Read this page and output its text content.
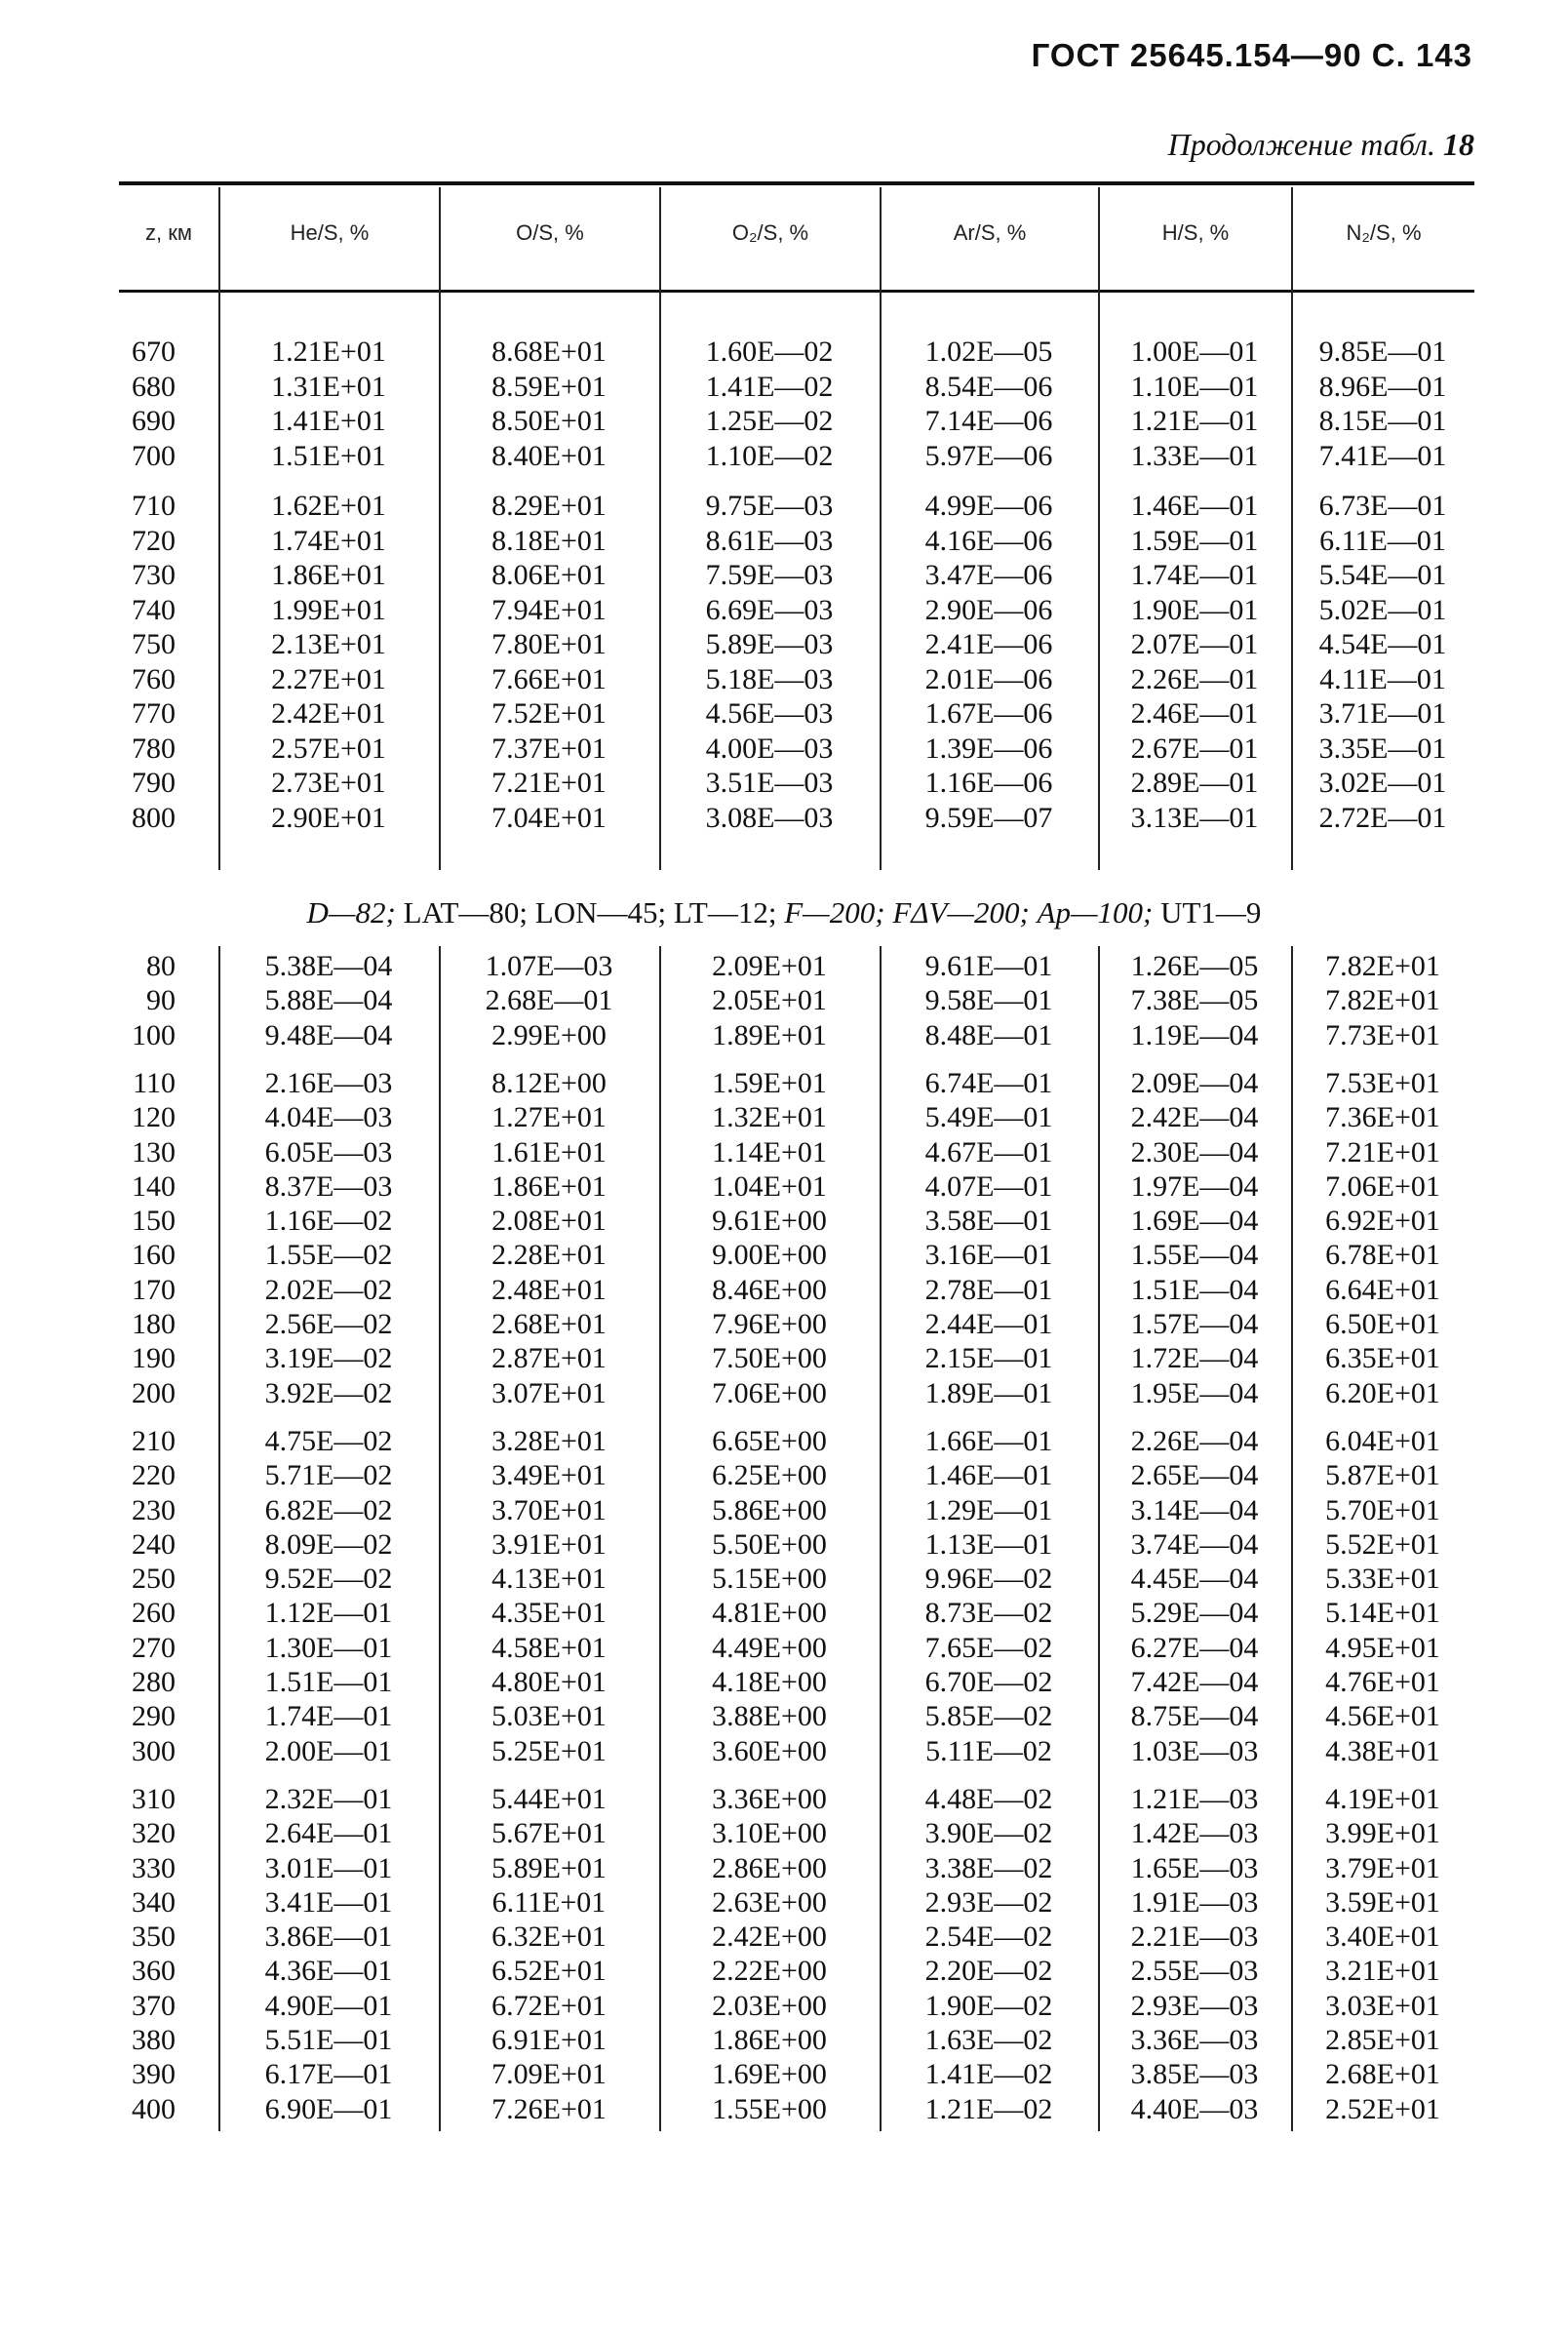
ГОСТ 25645.154—90 С. 143
Продолжение табл. 18
z, км	He/S, %	O/S, %	O₂/S, %	Ar/S, %	H/S, %	N₂/S, %
670	1.21E+01	8.68E+01	1.60E—02	1.02E—05	1.00E—01	9.85E—01
680	1.31E+01	8.59E+01	1.41E—02	8.54E—06	1.10E—01	8.96E—01
690	1.41E+01	8.50E+01	1.25E—02	7.14E—06	1.21E—01	8.15E—01
700	1.51E+01	8.40E+01	1.10E—02	5.97E—06	1.33E—01	7.41E—01
710	1.62E+01	8.29E+01	9.75E—03	4.99E—06	1.46E—01	6.73E—01
720	1.74E+01	8.18E+01	8.61E—03	4.16E—06	1.59E—01	6.11E—01
730	1.86E+01	8.06E+01	7.59E—03	3.47E—06	1.74E—01	5.54E—01
740	1.99E+01	7.94E+01	6.69E—03	2.90E—06	1.90E—01	5.02E—01
750	2.13E+01	7.80E+01	5.89E—03	2.41E—06	2.07E—01	4.54E—01
760	2.27E+01	7.66E+01	5.18E—03	2.01E—06	2.26E—01	4.11E—01
770	2.42E+01	7.52E+01	4.56E—03	1.67E—06	2.46E—01	3.71E—01
780	2.57E+01	7.37E+01	4.00E—03	1.39E—06	2.67E—01	3.35E—01
790	2.73E+01	7.21E+01	3.51E—03	1.16E—06	2.89E—01	3.02E—01
800	2.90E+01	7.04E+01	3.08E—03	9.59E—07	3.13E—01	2.72E—01
D—82; LAT—80; LON—45; LT—12; F—200; FΔV—200; Aр—100; UT1—9
80	5.38E—04	1.07E—03	2.09E+01	9.61E—01	1.26E—05	7.82E+01
90	5.88E—04	2.68E—01	2.05E+01	9.58E—01	7.38E—05	7.82E+01
100	9.48E—04	2.99E+00	1.89E+01	8.48E—01	1.19E—04	7.73E+01
110	2.16E—03	8.12E+00	1.59E+01	6.74E—01	2.09E—04	7.53E+01
120	4.04E—03	1.27E+01	1.32E+01	5.49E—01	2.42E—04	7.36E+01
130	6.05E—03	1.61E+01	1.14E+01	4.67E—01	2.30E—04	7.21E+01
140	8.37E—03	1.86E+01	1.04E+01	4.07E—01	1.97E—04	7.06E+01
150	1.16E—02	2.08E+01	9.61E+00	3.58E—01	1.69E—04	6.92E+01
160	1.55E—02	2.28E+01	9.00E+00	3.16E—01	1.55E—04	6.78E+01
170	2.02E—02	2.48E+01	8.46E+00	2.78E—01	1.51E—04	6.64E+01
180	2.56E—02	2.68E+01	7.96E+00	2.44E—01	1.57E—04	6.50E+01
190	3.19E—02	2.87E+01	7.50E+00	2.15E—01	1.72E—04	6.35E+01
200	3.92E—02	3.07E+01	7.06E+00	1.89E—01	1.95E—04	6.20E+01
210	4.75E—02	3.28E+01	6.65E+00	1.66E—01	2.26E—04	6.04E+01
220	5.71E—02	3.49E+01	6.25E+00	1.46E—01	2.65E—04	5.87E+01
230	6.82E—02	3.70E+01	5.86E+00	1.29E—01	3.14E—04	5.70E+01
240	8.09E—02	3.91E+01	5.50E+00	1.13E—01	3.74E—04	5.52E+01
250	9.52E—02	4.13E+01	5.15E+00	9.96E—02	4.45E—04	5.33E+01
260	1.12E—01	4.35E+01	4.81E+00	8.73E—02	5.29E—04	5.14E+01
270	1.30E—01	4.58E+01	4.49E+00	7.65E—02	6.27E—04	4.95E+01
280	1.51E—01	4.80E+01	4.18E+00	6.70E—02	7.42E—04	4.76E+01
290	1.74E—01	5.03E+01	3.88E+00	5.85E—02	8.75E—04	4.56E+01
300	2.00E—01	5.25E+01	3.60E+00	5.11E—02	1.03E—03	4.38E+01
310	2.32E—01	5.44E+01	3.36E+00	4.48E—02	1.21E—03	4.19E+01
320	2.64E—01	5.67E+01	3.10E+00	3.90E—02	1.42E—03	3.99E+01
330	3.01E—01	5.89E+01	2.86E+00	3.38E—02	1.65E—03	3.79E+01
340	3.41E—01	6.11E+01	2.63E+00	2.93E—02	1.91E—03	3.59E+01
350	3.86E—01	6.32E+01	2.42E+00	2.54E—02	2.21E—03	3.40E+01
360	4.36E—01	6.52E+01	2.22E+00	2.20E—02	2.55E—03	3.21E+01
370	4.90E—01	6.72E+01	2.03E+00	1.90E—02	2.93E—03	3.03E+01
380	5.51E—01	6.91E+01	1.86E+00	1.63E—02	3.36E—03	2.85E+01
390	6.17E—01	7.09E+01	1.69E+00	1.41E—02	3.85E—03	2.68E+01
400	6.90E—01	7.26E+01	1.55E+00	1.21E—02	4.40E—03	2.52E+01
